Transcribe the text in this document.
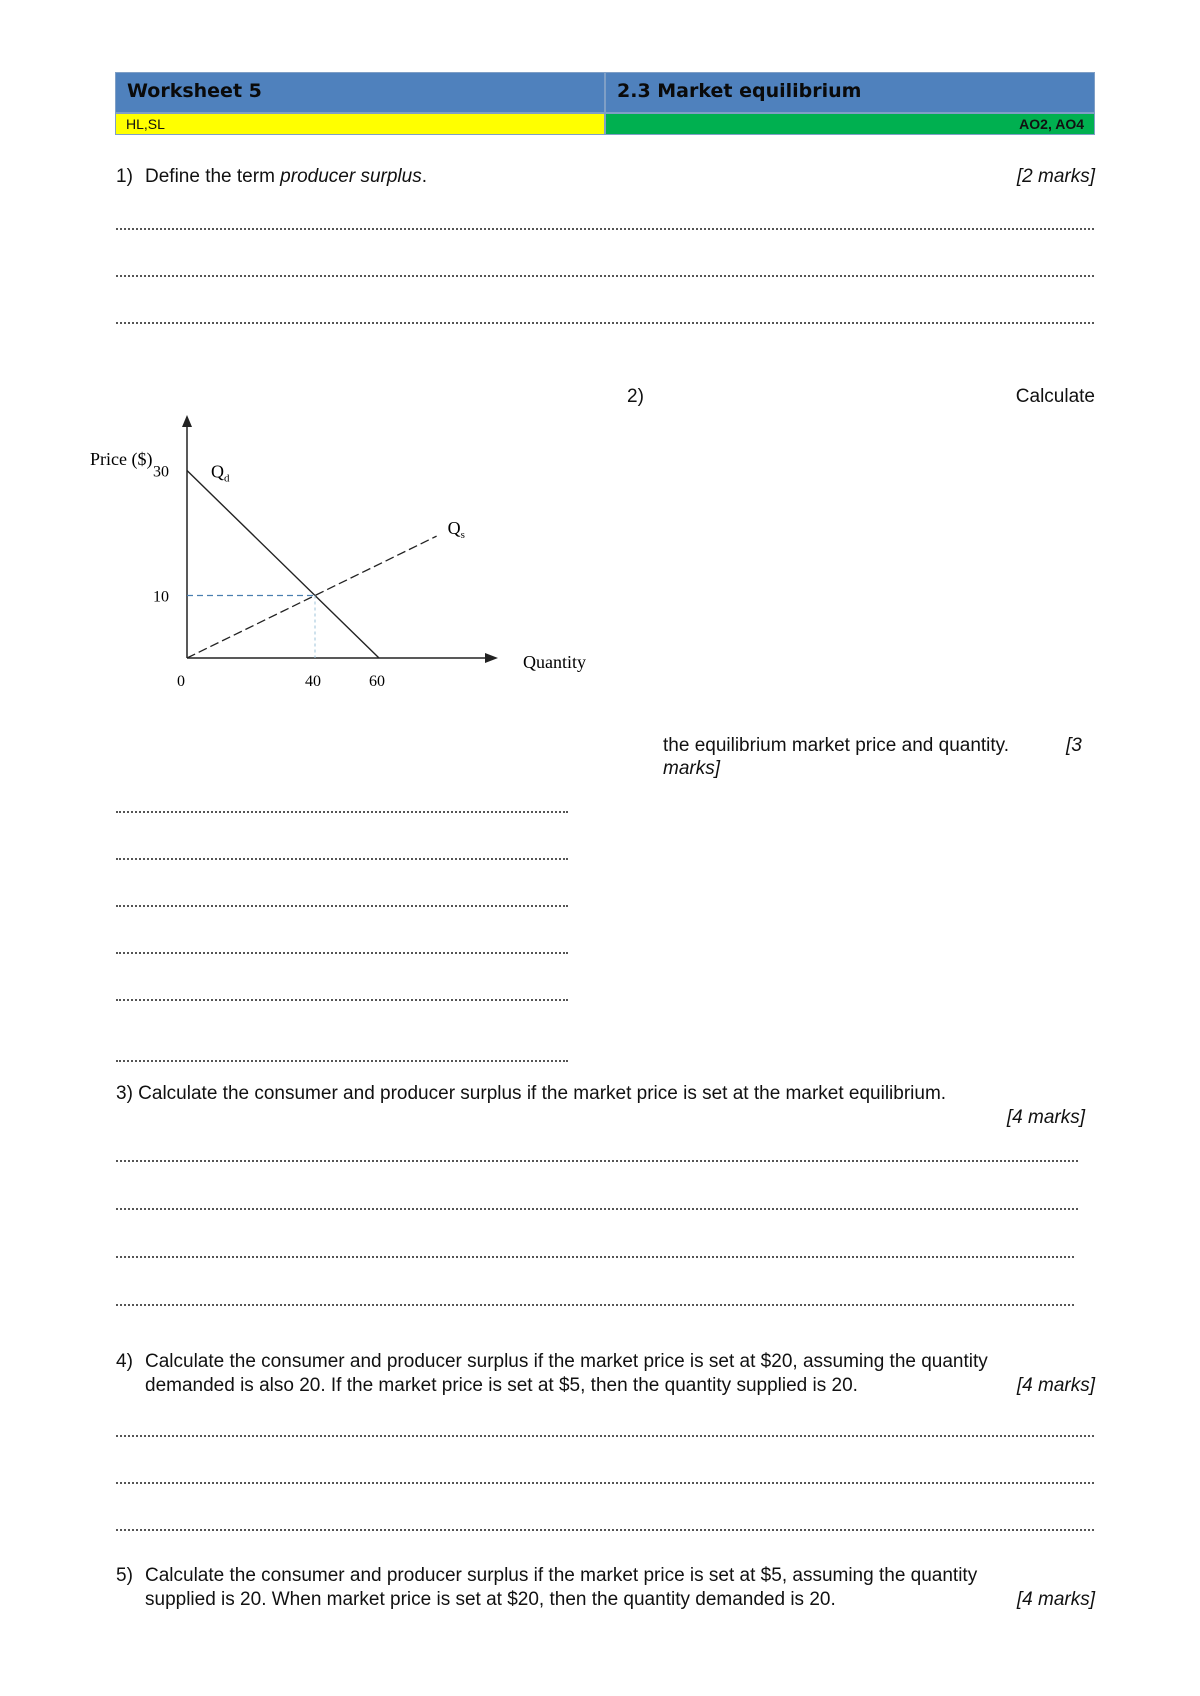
Worksheet 5	2.3 Market equilibrium
HL,SL	AO2, AO4
1) Define the term producer surplus.	[2 marks]
2)	Calculate
Price ($)
Quantity
30
10
0	40	60
$Q_d$
$Q_s$
the equilibrium market price and quantity.	[3
marks]
3) Calculate the consumer and producer surplus if the market price is set at the market equilibrium.
[4 marks]
4) Calculate the consumer and producer surplus if the market price is set at $20, assuming the quantity
demanded is also 20. If the market price is set at $5, then the quantity supplied is 20.	[4 marks]
5) Calculate the consumer and producer surplus if the market price is set at $5, assuming the quantity
supplied is 20. When market price is set at $20, then the quantity demanded is 20.	[4 marks]
